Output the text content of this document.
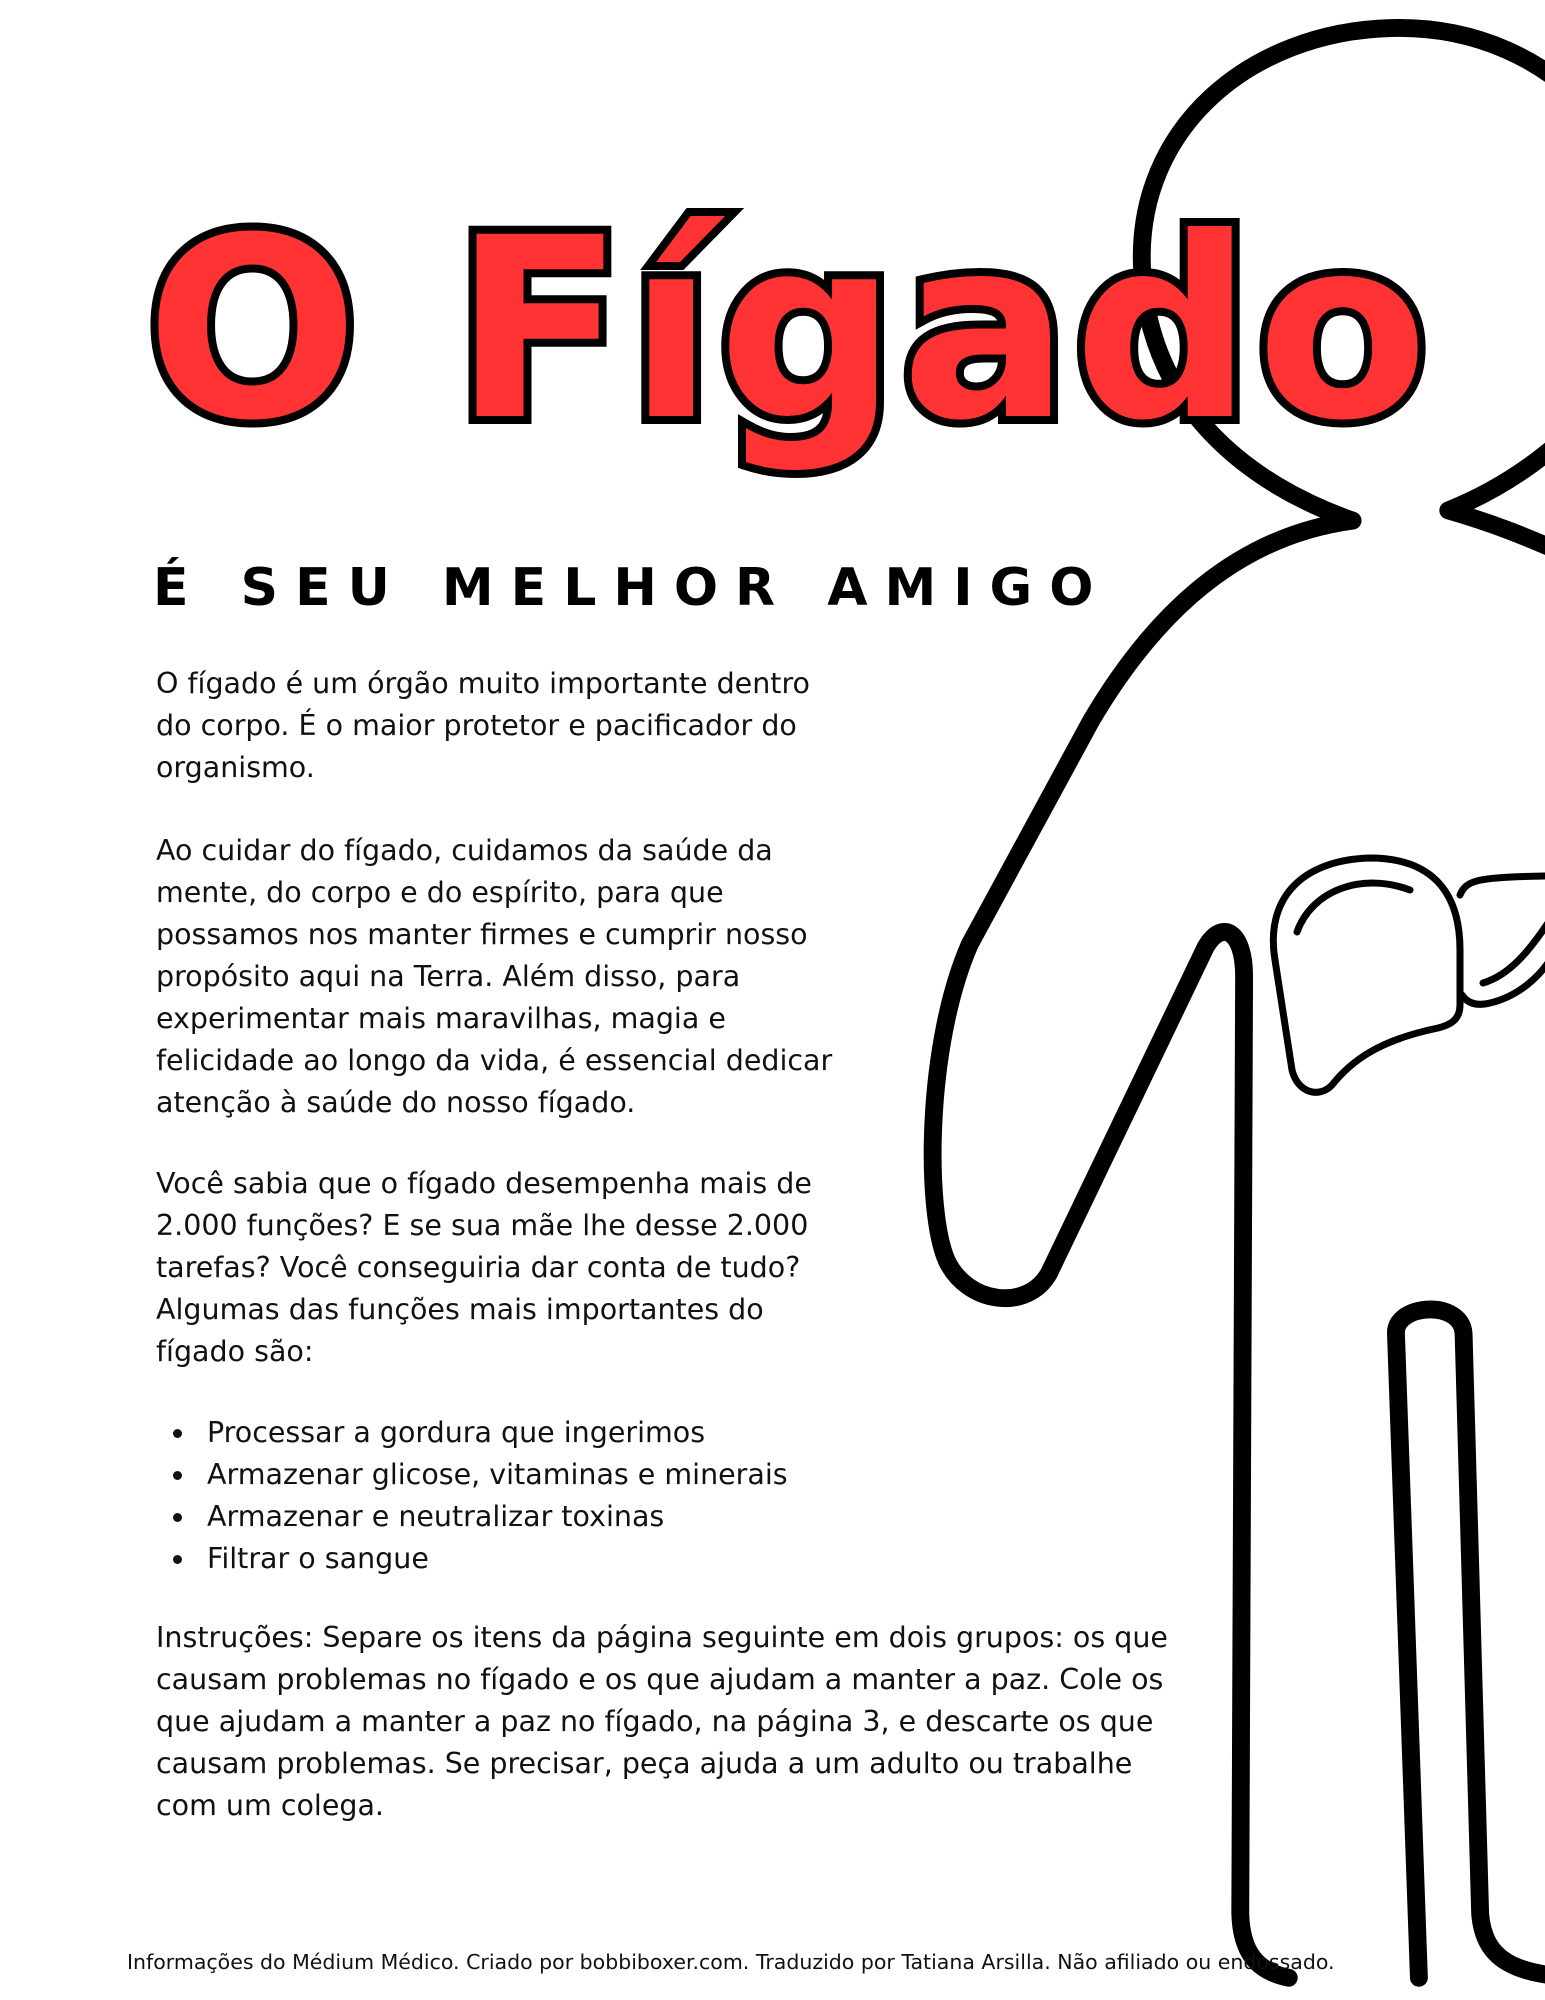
O Fígado
É SEU MELHOR AMIGO
O fígado é um órgão muito importante dentro
do corpo. É o maior protetor e pacificador do
organismo.
Ao cuidar do fígado, cuidamos da saúde da
mente, do corpo e do espírito, para que
possamos nos manter firmes e cumprir nosso
propósito aqui na Terra. Além disso, para
experimentar mais maravilhas, magia e
felicidade ao longo da vida, é essencial dedicar
atenção à saúde do nosso fígado.
Você sabia que o fígado desempenha mais de
2.000 funções? E se sua mãe lhe desse 2.000
tarefas? Você conseguiria dar conta de tudo?
Algumas das funções mais importantes do
fígado são:
Processar a gordura que ingerimos
Armazenar glicose, vitaminas e minerais
Armazenar e neutralizar toxinas
Filtrar o sangue
Instruções: Separe os itens da página seguinte em dois grupos: os que
causam problemas no fígado e os que ajudam a manter a paz. Cole os
que ajudam a manter a paz no fígado, na página 3, e descarte os que
causam problemas. Se precisar, peça ajuda a um adulto ou trabalhe
com um colega.
Informações do Médium Médico. Criado por bobbiboxer.com. Traduzido por Tatiana Arsilla. Não afiliado ou endossado.
